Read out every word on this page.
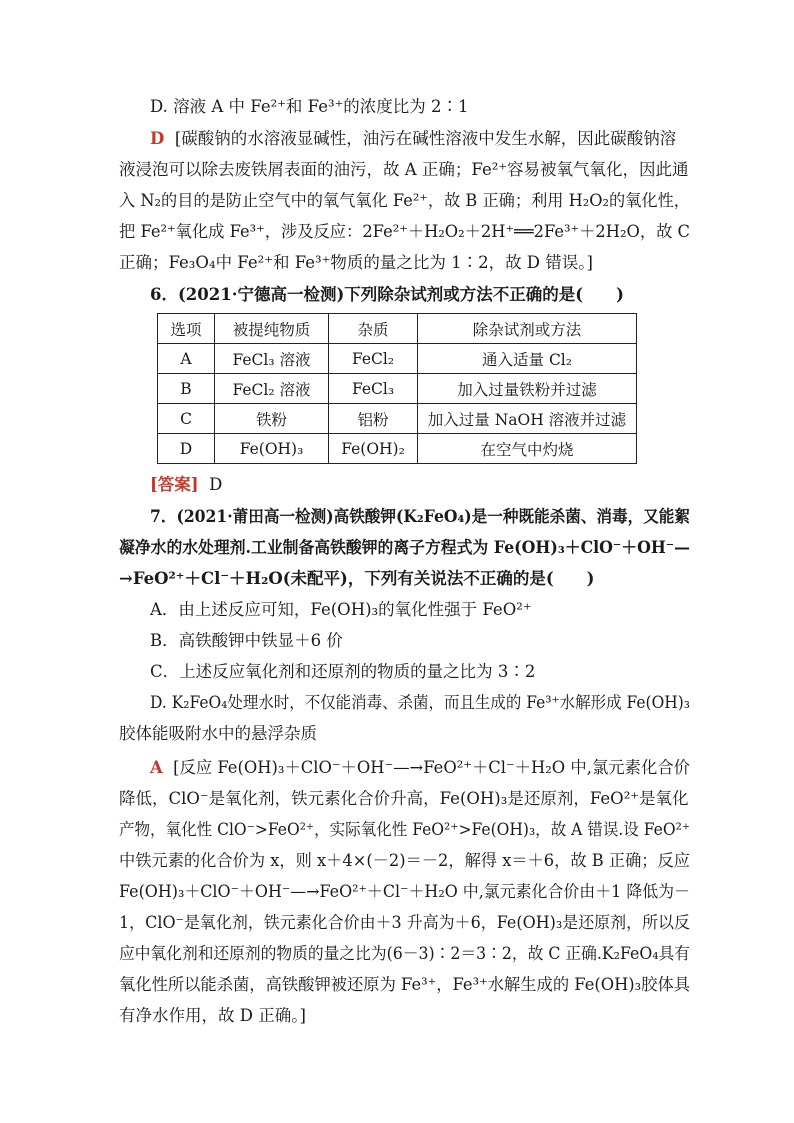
D. 溶液 A 中 Fe²⁺和 Fe³⁺的浓度比为 2∶1
D [碳酸钠的水溶液显碱性，油污在碱性溶液中发生水解，因此碳酸钠溶
液浸泡可以除去废铁屑表面的油污，故 A 正确；Fe²⁺容易被氧气氧化，因此通
入 N₂的目的是防止空气中的氧气氧化 Fe²⁺，故 B 正确；利用 H₂O₂的氧化性，
把 Fe²⁺氧化成 Fe³⁺，涉及反应：2Fe²⁺＋H₂O₂＋2H⁺══2Fe³⁺＋2H₂O，故 C
正确；Fe₃O₄中 Fe²⁺和 Fe³⁺物质的量之比为 1∶2，故 D 错误。]
6．(2021·宁德高一检测)下列除杂试剂或方法不正确的是(　　)
选项	被提纯物质	杂质	除杂试剂或方法
A	FeCl₃ 溶液	FeCl₂	通入适量 Cl₂
B	FeCl₂ 溶液	FeCl₃	加入过量铁粉并过滤
C	铁粉	铝粉	加入过量 NaOH 溶液并过滤
D	Fe(OH)₃	Fe(OH)₂	在空气中灼烧
[答案] D
7．(2021·莆田高一检测)高铁酸钾(K₂FeO₄)是一种既能杀菌、消毒，又能絮
凝净水的水处理剂.工业制备高铁酸钾的离子方程式为 Fe(OH)₃＋ClO⁻＋OH⁻—
→FeO²⁺＋Cl⁻＋H₂O(未配平)，下列有关说法不正确的是(　　)
A．由上述反应可知，Fe(OH)₃的氧化性强于 FeO²⁺
B．高铁酸钾中铁显＋6 价
C．上述反应氧化剂和还原剂的物质的量之比为 3∶2
D. K₂FeO₄处理水时，不仅能消毒、杀菌，而且生成的 Fe³⁺水解形成 Fe(OH)₃
胶体能吸附水中的悬浮杂质
A [反应 Fe(OH)₃＋ClO⁻＋OH⁻—→FeO²⁺＋Cl⁻＋H₂O 中,氯元素化合价
降低，ClO⁻是氧化剂，铁元素化合价升高，Fe(OH)₃是还原剂，FeO²⁺是氧化
产物，氧化性 ClO⁻>FeO²⁺，实际氧化性 FeO²⁺>Fe(OH)₃，故 A 错误.设 FeO²⁺
中铁元素的化合价为 x，则 x＋4×(－2)＝－2，解得 x＝＋6，故 B 正确；反应
Fe(OH)₃＋ClO⁻＋OH⁻—→FeO²⁺＋Cl⁻＋H₂O 中,氯元素化合价由＋1 降低为－
1，ClO⁻是氧化剂，铁元素化合价由＋3 升高为＋6，Fe(OH)₃是还原剂，所以反
应中氧化剂和还原剂的物质的量之比为(6－3)∶2＝3∶2，故 C 正确.K₂FeO₄具有
氧化性所以能杀菌，高铁酸钾被还原为 Fe³⁺，Fe³⁺水解生成的 Fe(OH)₃胶体具
有净水作用，故 D 正确。]
